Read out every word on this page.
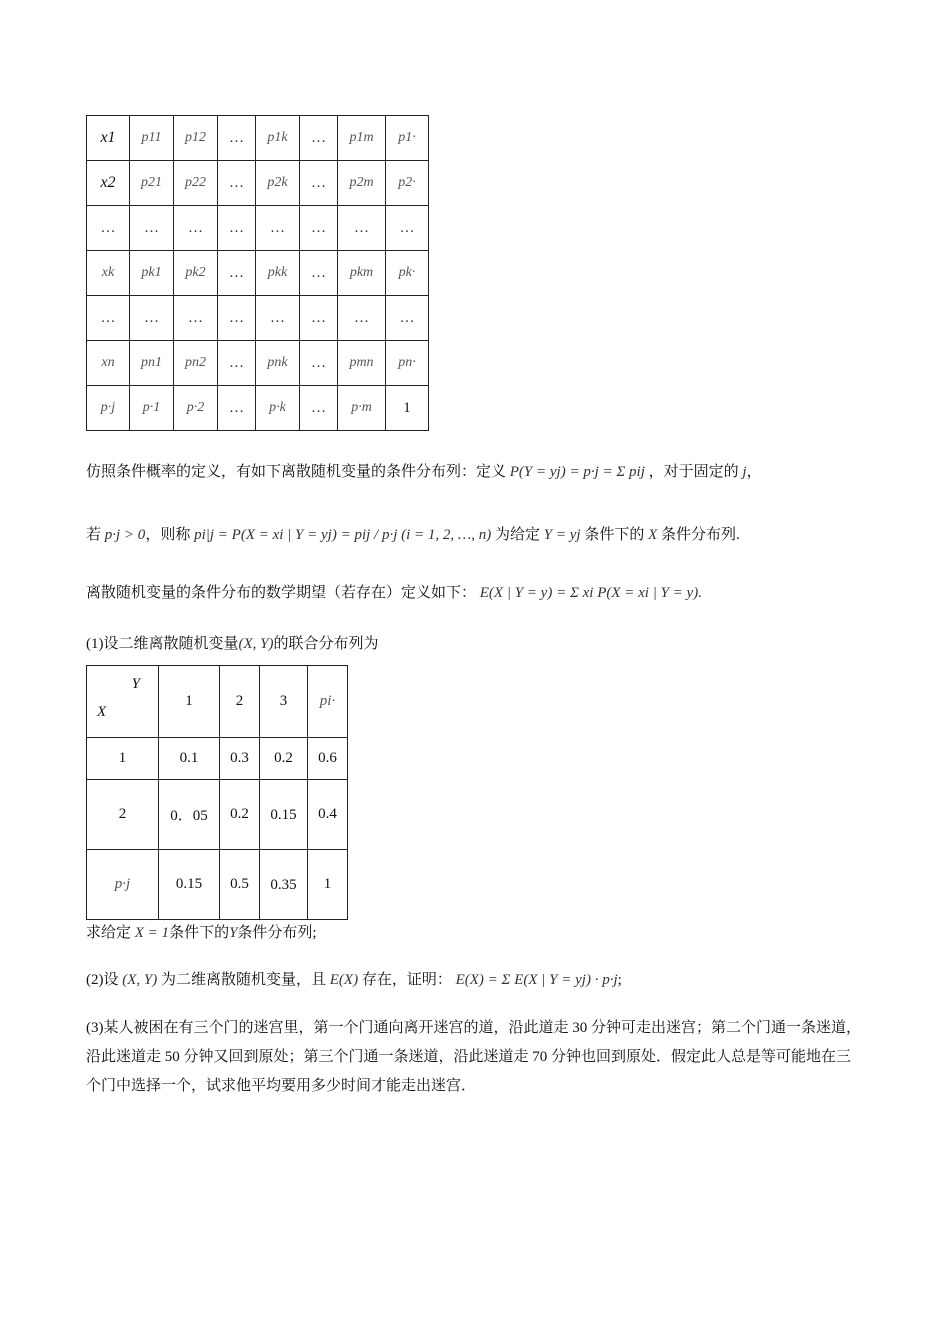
x1	p11	p12	…	p1k	…	p1m	p1·
x2	p21	p22	…	p2k	…	p2m	p2·
…	…	…	…	…	…	…	…
xk	pk1	pk2	…	pkk	…	pkm	pk·
…	…	…	…	…	…	…	…
xn	pn1	pn2	…	pnk	…	pmn	pn·
p·j	p·1	p·2	…	p·k	…	p·m	1
仿照条件概率的定义，有如下离散随机变量的条件分布列：定义 P(Y = yj) = p·j = Σ pij ，对于固定的 j，
若 p·j > 0，则称 pi|j = P(X = xi | Y = yj) = pij / p·j (i = 1, 2, …, n) 为给定 Y = yj 条件下的 X 条件分布列.
离散随机变量的条件分布的数学期望（若存在）定义如下： E(X | Y = y) = Σ xi P(X = xi | Y = y).
(1)设二维离散随机变量(X, Y)的联合分布列为
Y
X	1	2	3	pi·
1	0.1	0.3	0.2	0.6
2	0．05	0.2	0.15	0.4
p·j	0.15	0.5	0.35	1
求给定 X = 1条件下的Y条件分布列;
(2)设 (X, Y) 为二维离散随机变量，且 E(X) 存在，证明： E(X) = Σ E(X | Y = yj) · p·j;
(3)某人被困在有三个门的迷宫里，第一个门通向离开迷宫的道，沿此道走 30 分钟可走出迷宫；第二个门通一条迷道，沿此迷道走 50 分钟又回到原处；第三个门通一条迷道，沿此迷道走 70 分钟也回到原处．假定此人总是等可能地在三个门中选择一个，试求他平均要用多少时间才能走出迷宫．
